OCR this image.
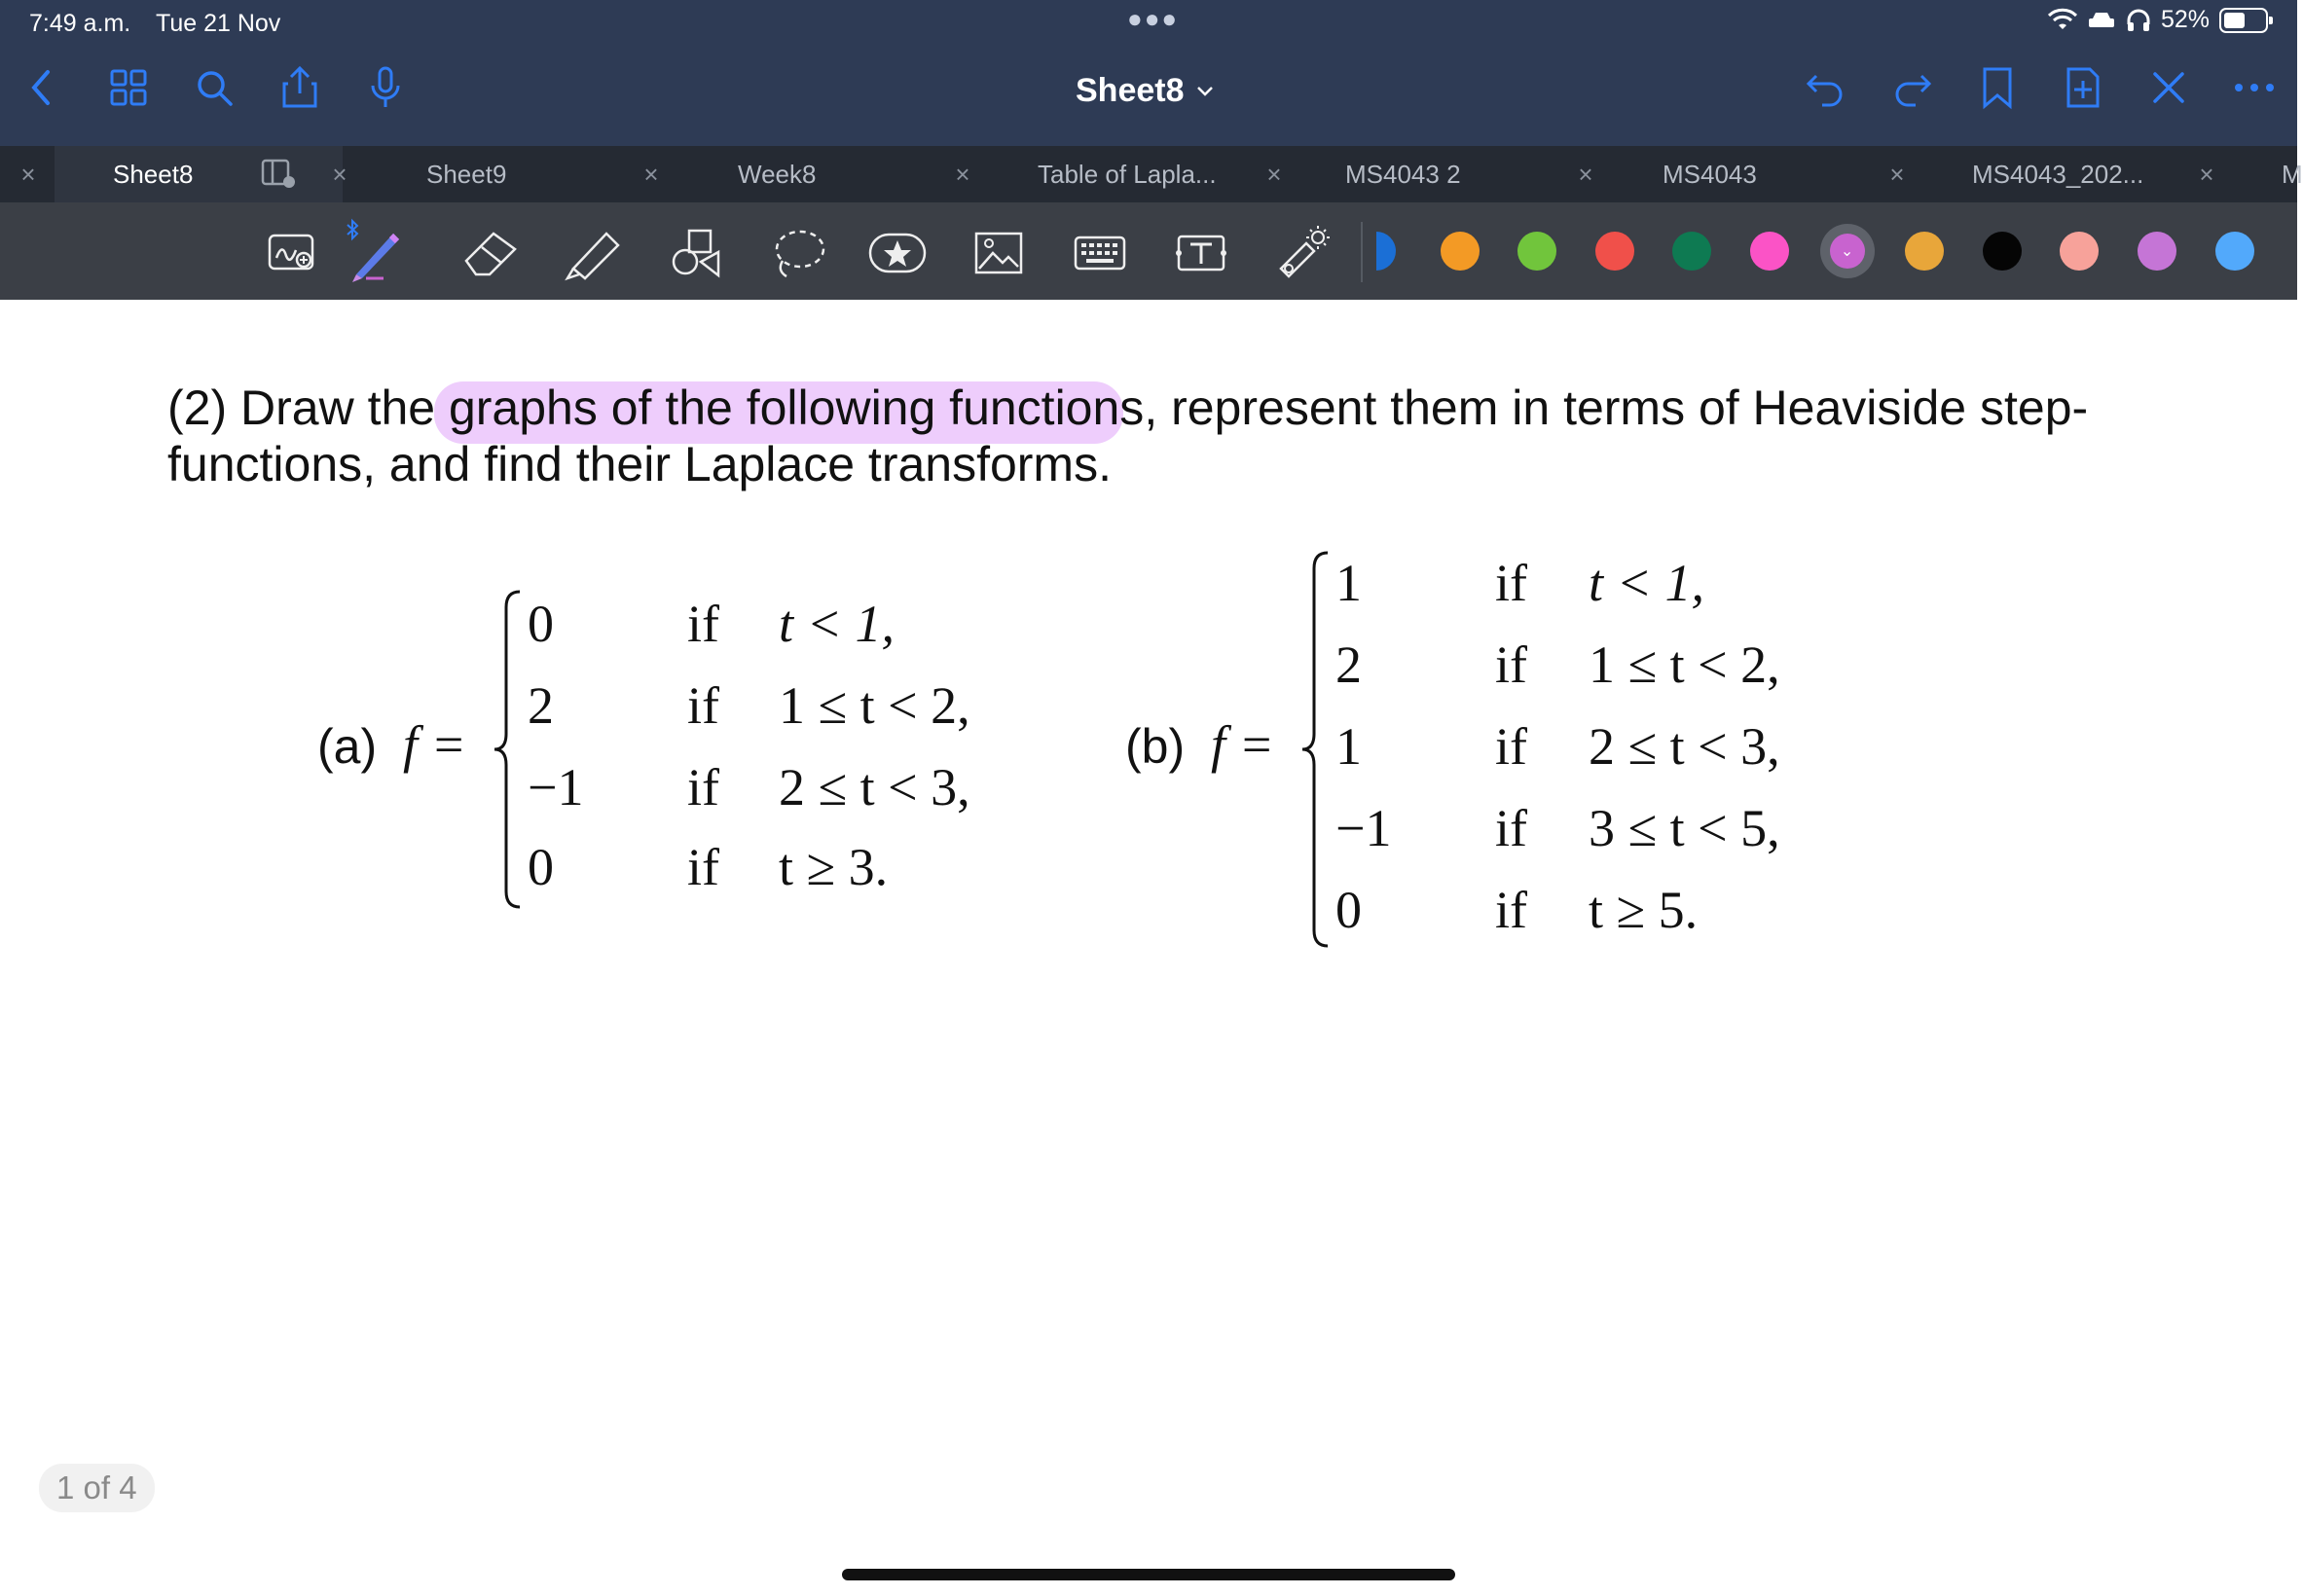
7:49 a.m. Tue 21 Nov	●●●	52%
Sheet8
×	Sheet8	×	Sheet9	×	Week8	×	Table of Lapla... ×	MS4043 2	×	MS4043	×	MS4043_202... ×	M
⌄
(2) Draw the graphs of the following functions, represent them in terms of Heaviside step-functions, and find their Laplace transforms.
(a) f =
0	if t < 1,
2	if 1 ≤ t < 2,
−1 if 2 ≤ t < 3,
0	if t ≥ 3.
(b) f =
1	if t < 1,
2	if 1 ≤ t < 2,
1	if 2 ≤ t < 3,
−1 if 3 ≤ t < 5,
0	if t ≥ 5.
1 of 4
